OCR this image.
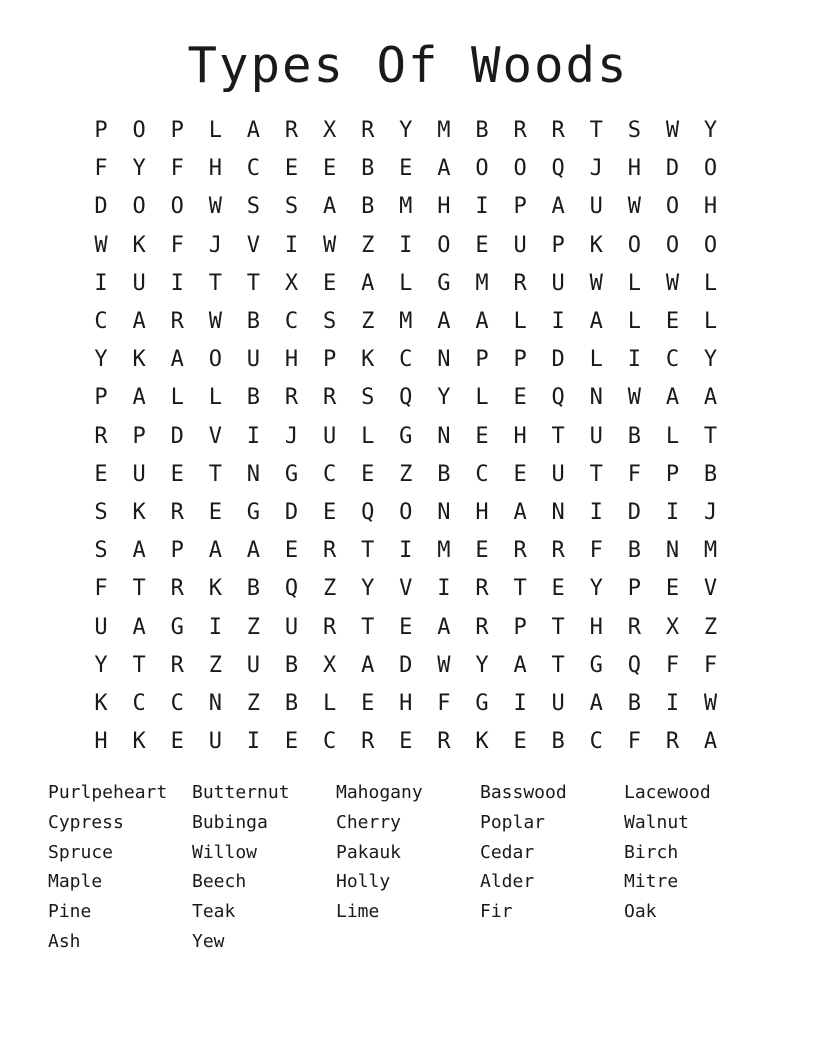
Types Of Woods
P	O	P	L	A	R	X	R	Y	M	B	R	R	T	S	W	Y
F	Y	F	H	C	E	E	B	E	A	O	O	Q	J	H	D	O
D	O	O	W	S	S	A	B	M	H	I	P	A	U	W	O	H
W	K	F	J	V	I	W	Z	I	O	E	U	P	K	O	O	O
I	U	I	T	T	X	E	A	L	G	M	R	U	W	L	W	L
C	A	R	W	B	C	S	Z	M	A	A	L	I	A	L	E	L
Y	K	A	O	U	H	P	K	C	N	P	P	D	L	I	C	Y
P	A	L	L	B	R	R	S	Q	Y	L	E	Q	N	W	A	A
R	P	D	V	I	J	U	L	G	N	E	H	T	U	B	L	T
E	U	E	T	N	G	C	E	Z	B	C	E	U	T	F	P	B
S	K	R	E	G	D	E	Q	O	N	H	A	N	I	D	I	J
S	A	P	A	A	E	R	T	I	M	E	R	R	F	B	N	M
F	T	R	K	B	Q	Z	Y	V	I	R	T	E	Y	P	E	V
U	A	G	I	Z	U	R	T	E	A	R	P	T	H	R	X	Z
Y	T	R	Z	U	B	X	A	D	W	Y	A	T	G	Q	F	F
K	C	C	N	Z	B	L	E	H	F	G	I	U	A	B	I	W
H	K	E	U	I	E	C	R	E	R	K	E	B	C	F	R	A
Purlpeheart	Butternut	Mahogany	Basswood	Lacewood
Cypress	Bubinga	Cherry	Poplar	Walnut
Spruce	Willow	Pakauk	Cedar	Birch
Maple	Beech	Holly	Alder	Mitre
Pine	Teak	Lime	Fir	Oak
Ash	Yew
